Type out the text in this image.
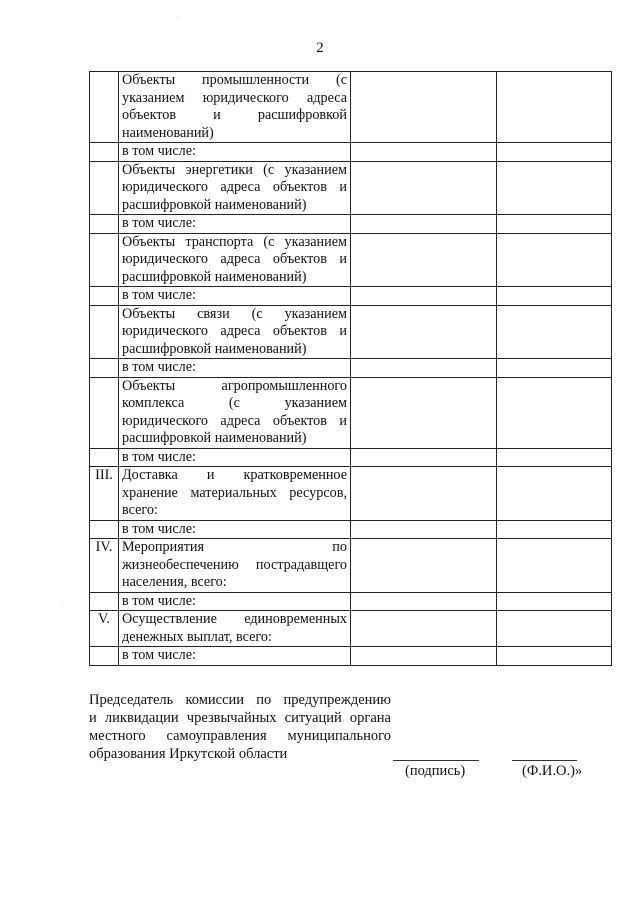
2
·
·

	Объекты промышленности (с
указанием юридического адреса
объектов и расшифровкой
наименований)		

	в том числе:		

	Объекты энергетики (с указанием
юридического адреса объектов и
расшифровкой наименований)		

	в том числе:		

	Объекты транспорта (с указанием
юридического адреса объектов и
расшифровкой наименований)		

	в том числе:		

	Объекты связи (с указанием
юридического адреса объектов и
расшифровкой наименований)		

	в том числе:		

	Объекты агропромышленного
комплекса (с указанием
юридического адреса объектов и
расшифровкой наименований)		

	в том числе:		
III.	Доставка и кратковременное
хранение материальных ресурсов,
всего:		

	в том числе:		
IV.	Мероприятия по
жизнеобеспечению пострадавщего
населения, всего:		

	в том числе:		
V.	Осуществление единовременных
денежных выплат, всего:		

	в том числе:		
Председатель комиссии по предупреждению
и ликвидации чрезвычайных ситуаций органа
местного самоуправления муниципального
образования Иркутской области
(подпись)	(Ф.И.О.)»
